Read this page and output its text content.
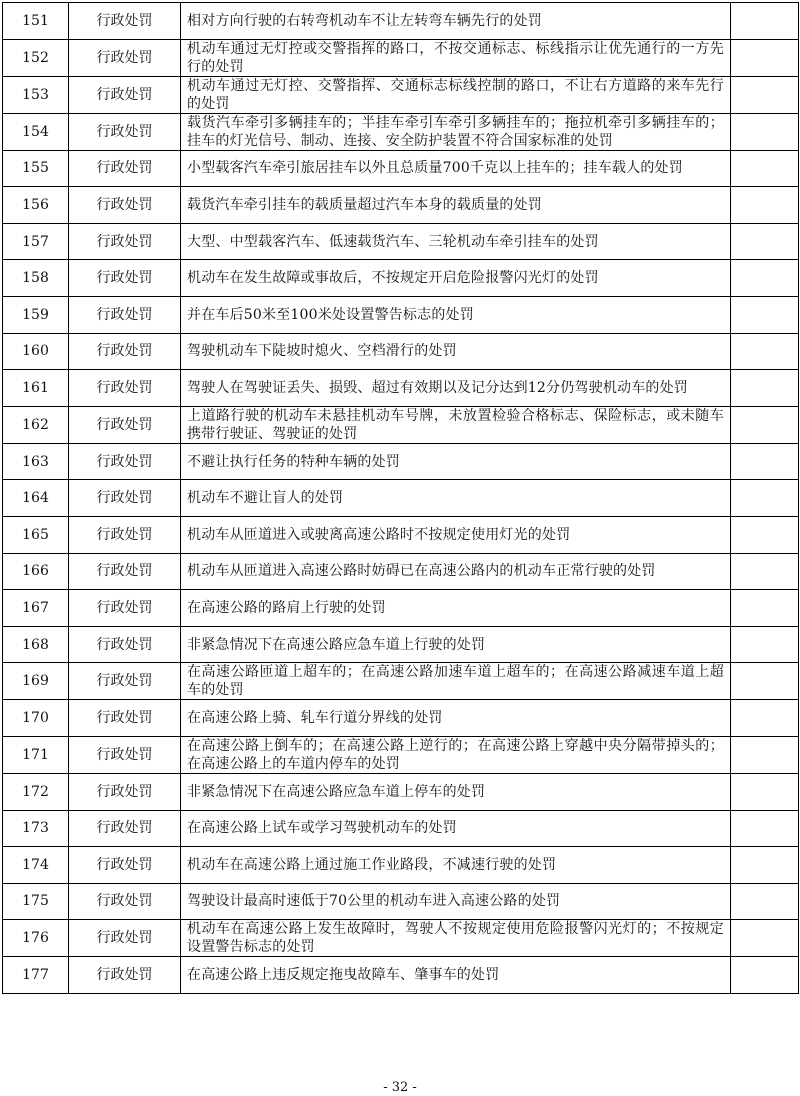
151	行政处罚	相对方向行驶的右转弯机动车不让左转弯车辆先行的处罚	
152	行政处罚	机动车通过无灯控或交警指挥的路口，不按交通标志、标线指示让优先通行的一方先行的处罚	
153	行政处罚	机动车通过无灯控、交警指挥、交通标志标线控制的路口，不让右方道路的来车先行的处罚	
154	行政处罚	载货汽车牵引多辆挂车的；半挂车牵引车牵引多辆挂车的；拖拉机牵引多辆挂车的；挂车的灯光信号、制动、连接、安全防护装置不符合国家标准的处罚	
155	行政处罚	小型载客汽车牵引旅居挂车以外且总质量700千克以上挂车的；挂车载人的处罚	
156	行政处罚	载货汽车牵引挂车的载质量超过汽车本身的载质量的处罚	
157	行政处罚	大型、中型载客汽车、低速载货汽车、三轮机动车牵引挂车的处罚	
158	行政处罚	机动车在发生故障或事故后，不按规定开启危险报警闪光灯的处罚	
159	行政处罚	并在车后50米至100米处设置警告标志的处罚	
160	行政处罚	驾驶机动车下陡坡时熄火、空档滑行的处罚	
161	行政处罚	驾驶人在驾驶证丢失、损毁、超过有效期以及记分达到12分仍驾驶机动车的处罚	
162	行政处罚	上道路行驶的机动车未悬挂机动车号牌，未放置检验合格标志、保险标志，或未随车携带行驶证、驾驶证的处罚	
163	行政处罚	不避让执行任务的特种车辆的处罚	
164	行政处罚	机动车不避让盲人的处罚	
165	行政处罚	机动车从匝道进入或驶离高速公路时不按规定使用灯光的处罚	
166	行政处罚	机动车从匝道进入高速公路时妨碍已在高速公路内的机动车正常行驶的处罚	
167	行政处罚	在高速公路的路肩上行驶的处罚	
168	行政处罚	非紧急情况下在高速公路应急车道上行驶的处罚	
169	行政处罚	在高速公路匝道上超车的；在高速公路加速车道上超车的；在高速公路减速车道上超车的处罚	
170	行政处罚	在高速公路上骑、轧车行道分界线的处罚	
171	行政处罚	在高速公路上倒车的；在高速公路上逆行的；在高速公路上穿越中央分隔带掉头的；在高速公路上的车道内停车的处罚	
172	行政处罚	非紧急情况下在高速公路应急车道上停车的处罚	
173	行政处罚	在高速公路上试车或学习驾驶机动车的处罚	
174	行政处罚	机动车在高速公路上通过施工作业路段，不减速行驶的处罚	
175	行政处罚	驾驶设计最高时速低于70公里的机动车进入高速公路的处罚	
176	行政处罚	机动车在高速公路上发生故障时，驾驶人不按规定使用危险报警闪光灯的；不按规定设置警告标志的处罚	
177	行政处罚	在高速公路上违反规定拖曳故障车、肇事车的处罚	
- 32 -
